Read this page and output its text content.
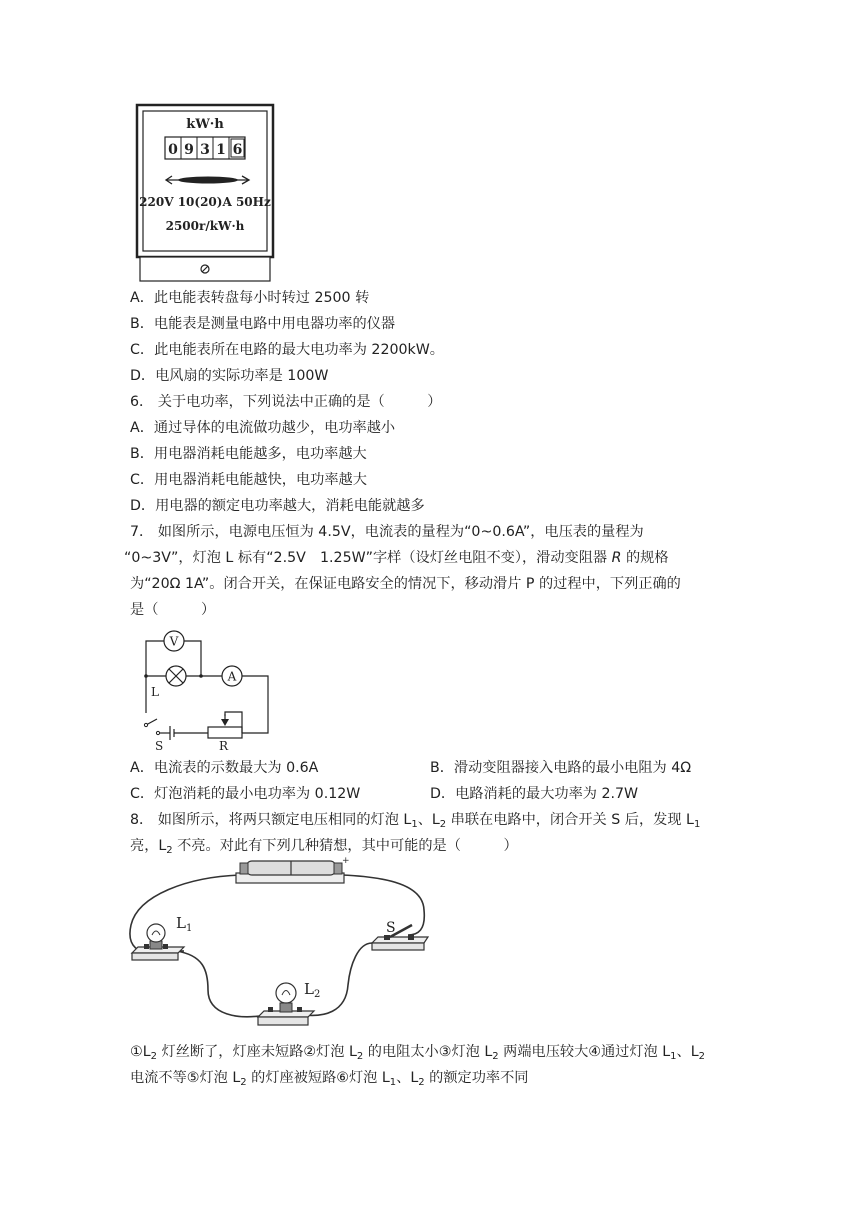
kW·h
0 9 3 1 6
220V 10(20)A 50Hz
2500r/kW·h
A．此电能表转盘每小时转过 2500 转
B．电能表是测量电路中用电器功率的仪器
C．此电能表所在电路的最大电功率为 2200kW。
D．电风扇的实际功率是 100W
6． 关于电功率，下列说法中正确的是（　　　）
A．通过导体的电流做功越少，电功率越小
B．用电器消耗电能越多，电功率越大
C．用电器消耗电能越快，电功率越大
D．用电器的额定电功率越大，消耗电能就越多
7． 如图所示，电源电压恒为 4.5V，电流表的量程为“0~0.6A”，电压表的量程为
“0~3V”，灯泡 L 标有“2.5V　1.25W”字样（设灯丝电阻不变），滑动变阻器 R 的规格
为“20Ω 1A”。闭合开关，在保证电路安全的情况下，移动滑片 P 的过程中，下列正确的
是（　　　）
V
A
L
S	R
A．电流表的示数最大为 0.6A	B．滑动变阻器接入电路的最小电阻为 4Ω
C．灯泡消耗的最小电功率为 0.12W	D．电路消耗的最大功率为 2.7W
8． 如图所示，将两只额定电压相同的灯泡 $L_1$、$L_2$ 串联在电路中，闭合开关 S 后，发现 $L_1$
亮，$L_2$ 不亮。对此有下列几种猜想，其中可能的是（　　　）
+
$L_1$
$L_2$
S
$①L_2$ 灯丝断了，灯座未短路②灯泡 $L_2$ 的电阻太小③灯泡 $L_2$ 两端电压较大④通过灯泡 $L_1$、$L_2$
电流不等⑤灯泡 $L_2$ 的灯座被短路⑥灯泡 $L_1$、$L_2$ 的额定功率不同
